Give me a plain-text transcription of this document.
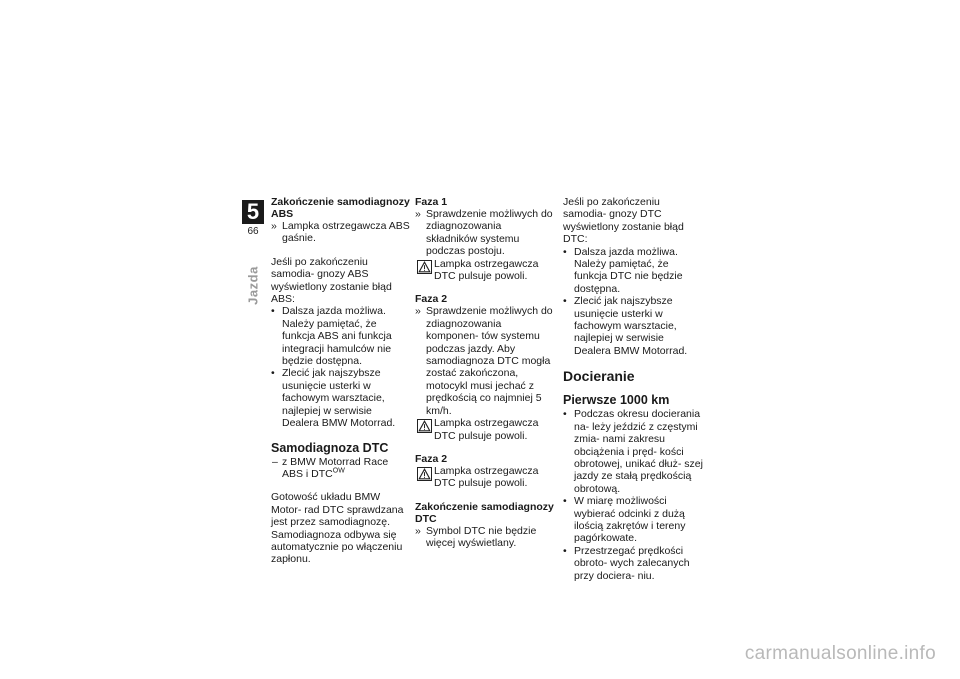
5
66
Jazda

Zakończenie samodiagnozy ABS

» Lampka ostrzegawcza ABS gaśnie.

Jeśli po zakończeniu samodia- gnozy ABS wyświetlony zostanie błąd ABS:

• Dalsza jazda możliwa. Należy pamiętać, że funkcja ABS ani funkcja integracji hamulców nie będzie dostępna.

• Zlecić jak najszybsze usunięcie usterki w fachowym warsztacie, najlepiej w serwisie Dealera BMW Motorrad.

Samodiagnoza DTC

– z BMW Motorrad Race ABS i $DTC^{OW}$

Gotowość układu BMW Motor- rad DTC sprawdzana jest przez samodiagnozę. Samodiagnoza odbywa się automatycznie po włączeniu zapłonu.

Faza 1

» Sprawdzenie możliwych do zdiagnozowania składników systemu podczas postoju.

Lampka ostrzegawcza DTC pulsuje powoli.

Faza 2

» Sprawdzenie możliwych do zdiagnozowania komponen- tów systemu podczas jazdy. Aby samodiagnoza DTC mogła zostać zakończona, motocykl musi jechać z prędkością co najmniej 5 km/h.

Lampka ostrzegawcza DTC pulsuje powoli.

Faza 2

Lampka ostrzegawcza DTC pulsuje powoli.

Zakończenie samodiagnozy DTC

» Symbol DTC nie będzie więcej wyświetlany.

Jeśli po zakończeniu samodia- gnozy DTC wyświetlony zostanie błąd DTC:

• Dalsza jazda możliwa. Należy pamiętać, że funkcja DTC nie będzie dostępna.

• Zlecić jak najszybsze usunięcie usterki w fachowym warsztacie, najlepiej w serwisie Dealera BMW Motorrad.

Docieranie

Pierwsze 1000 km

• Podczas okresu docierania na- leży jeździć z częstymi zmia- nami zakresu obciążenia i pręd- kości obrotowej, unikać dłuż- szej jazdy ze stałą prędkością obrotową.

• W miarę możliwości wybierać odcinki z dużą ilością zakrętów i tereny pagórkowate.

• Przestrzegać prędkości obroto- wych zalecanych przy dociera- niu.

carmanualsonline.info
